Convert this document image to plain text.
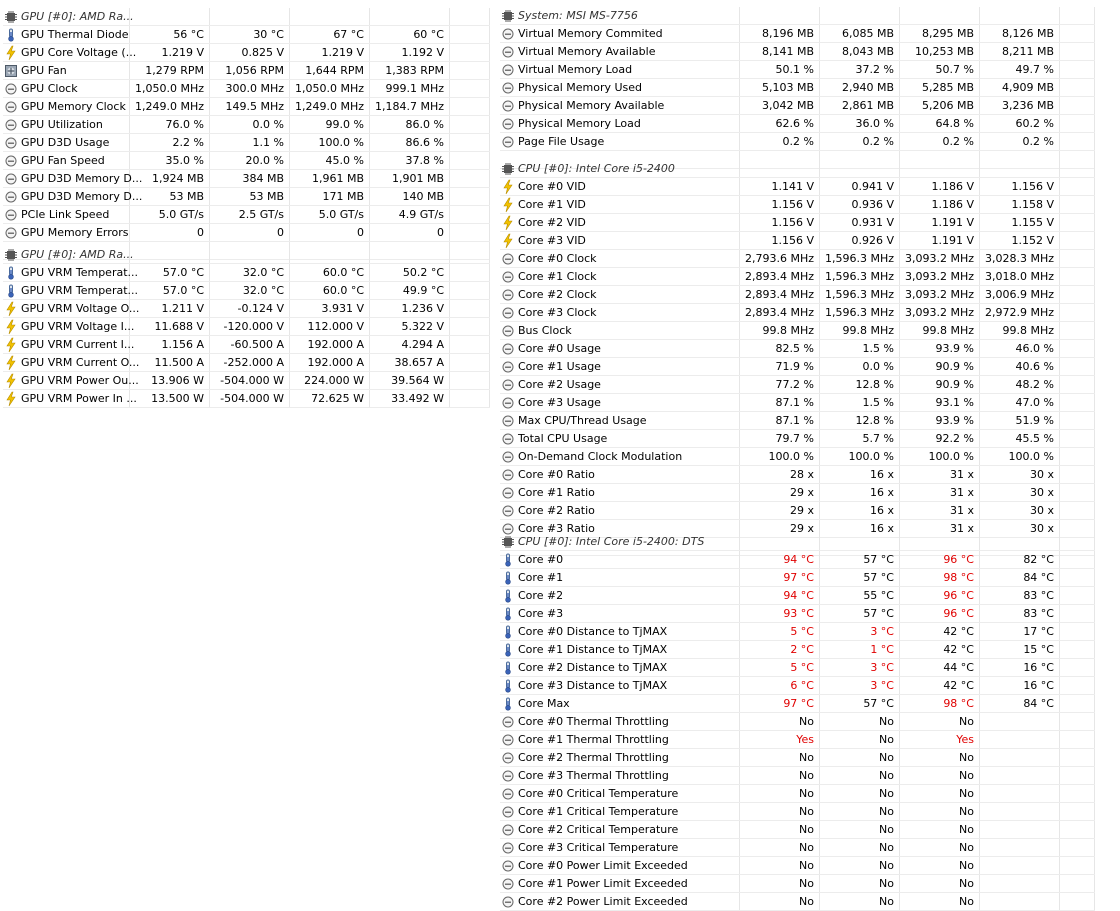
GPU [#0]: AMD Ra...
GPU Thermal Diode	56 °C	30 °C	67 °C	60 °C
GPU Core Voltage (...	1.219 V	0.825 V	1.219 V	1.192 V
GPU Fan	1,279 RPM	1,056 RPM	1,644 RPM	1,383 RPM
GPU Clock	1,050.0 MHz	300.0 MHz 1,050.0 MHz	999.1 MHz
GPU Memory Clock 1,249.0 MHz	149.5 MHz 1,249.0 MHz 1,184.7 MHz
GPU Utilization	76.0 %	0.0 %	99.0 %	86.0 %
GPU D3D Usage	2.2 %	1.1 %	100.0 %	86.6 %
GPU Fan Speed	35.0 %	20.0 %	45.0 %	37.8 %
GPU D3D Memory D... 1,924 MB	384 MB	1,961 MB	1,901 MB
GPU D3D Memory D...	53 MB	53 MB	171 MB	140 MB
PCIe Link Speed	5.0 GT/s	2.5 GT/s	5.0 GT/s	4.9 GT/s
GPU Memory Errors	0	0	0	0
GPU [#0]: AMD Ra...
GPU VRM Temperat...	57.0 °C	32.0 °C	60.0 °C	50.2 °C
GPU VRM Temperat...	57.0 °C	32.0 °C	60.0 °C	49.9 °C
GPU VRM Voltage O...	1.211 V	-0.124 V	3.931 V	1.236 V
GPU VRM Voltage I...	11.688 V	-120.000 V	112.000 V	5.322 V
GPU VRM Current I...	1.156 A	-60.500 A	192.000 A	4.294 A
GPU VRM Current O...	11.500 A	-252.000 A	192.000 A	38.657 A
GPU VRM Power Ou...	13.906 W	-504.000 W	224.000 W	39.564 W
GPU VRM Power In ...	13.500 W	-504.000 W	72.625 W	33.492 W
System: MSI MS-7756
Virtual Memory Commited	8,196 MB	6,085 MB	8,295 MB	8,126 MB
Virtual Memory Available	8,141 MB	8,043 MB	10,253 MB	8,211 MB
Virtual Memory Load	50.1 %	37.2 %	50.7 %	49.7 %
Physical Memory Used	5,103 MB	2,940 MB	5,285 MB	4,909 MB
Physical Memory Available	3,042 MB	2,861 MB	5,206 MB	3,236 MB
Physical Memory Load	62.6 %	36.0 %	64.8 %	60.2 %
Page File Usage	0.2 %	0.2 %	0.2 %	0.2 %
CPU [#0]: Intel Core i5-2400
Core #0 VID	1.141 V	0.941 V	1.186 V	1.156 V
Core #1 VID	1.156 V	0.936 V	1.186 V	1.158 V
Core #2 VID	1.156 V	0.931 V	1.191 V	1.155 V
Core #3 VID	1.156 V	0.926 V	1.191 V	1.152 V
Core #0 Clock	2,793.6 MHz 1,596.3 MHz 3,093.2 MHz 3,028.3 MHz
Core #1 Clock	2,893.4 MHz 1,596.3 MHz 3,093.2 MHz 3,018.0 MHz
Core #2 Clock	2,893.4 MHz 1,596.3 MHz 3,093.2 MHz 3,006.9 MHz
Core #3 Clock	2,893.4 MHz 1,596.3 MHz 3,093.2 MHz 2,972.9 MHz
Bus Clock	99.8 MHz	99.8 MHz	99.8 MHz	99.8 MHz
Core #0 Usage	82.5 %	1.5 %	93.9 %	46.0 %
Core #1 Usage	71.9 %	0.0 %	90.9 %	40.6 %
Core #2 Usage	77.2 %	12.8 %	90.9 %	48.2 %
Core #3 Usage	87.1 %	1.5 %	93.1 %	47.0 %
Max CPU/Thread Usage	87.1 %	12.8 %	93.9 %	51.9 %
Total CPU Usage	79.7 %	5.7 %	92.2 %	45.5 %
On-Demand Clock Modulation	100.0 %	100.0 %	100.0 %	100.0 %
Core #0 Ratio	28 x	16 x	31 x	30 x
Core #1 Ratio	29 x	16 x	31 x	30 x
Core #2 Ratio	29 x	16 x	31 x	30 x
Core #3 Ratio	29 x	16 x	31 x	30 x
CPU [#0]: Intel Core i5-2400: DTS
Core #0	94 °C	57 °C	96 °C	82 °C
Core #1	97 °C	57 °C	98 °C	84 °C
Core #2	94 °C	55 °C	96 °C	83 °C
Core #3	93 °C	57 °C	96 °C	83 °C
Core #0 Distance to TjMAX	5 °C	3 °C	42 °C	17 °C
Core #1 Distance to TjMAX	2 °C	1 °C	42 °C	15 °C
Core #2 Distance to TjMAX	5 °C	3 °C	44 °C	16 °C
Core #3 Distance to TjMAX	6 °C	3 °C	42 °C	16 °C
Core Max	97 °C	57 °C	98 °C	84 °C
Core #0 Thermal Throttling	No	No	No
Core #1 Thermal Throttling	Yes	No	Yes
Core #2 Thermal Throttling	No	No	No
Core #3 Thermal Throttling	No	No	No
Core #0 Critical Temperature	No	No	No
Core #1 Critical Temperature	No	No	No
Core #2 Critical Temperature	No	No	No
Core #3 Critical Temperature	No	No	No
Core #0 Power Limit Exceeded	No	No	No
Core #1 Power Limit Exceeded	No	No	No
Core #2 Power Limit Exceeded	No	No	No
